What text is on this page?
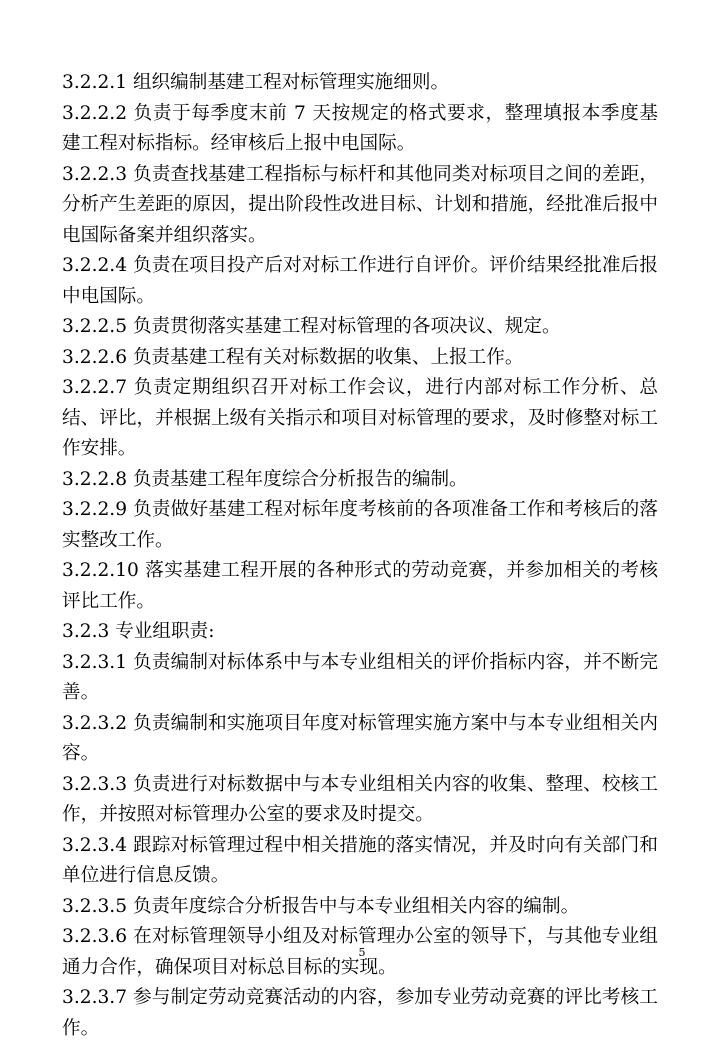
3.2.2.1 组织编制基建工程对标管理实施细则。

3.2.2.2 负责于每季度末前 7 天按规定的格式要求，整理填报本季度基建工程对标指标。经审核后上报中电国际。

3.2.2.3 负责查找基建工程指标与标杆和其他同类对标项目之间的差距，分析产生差距的原因，提出阶段性改进目标、计划和措施，经批准后报中电国际备案并组织落实。

3.2.2.4 负责在项目投产后对对标工作进行自评价。评价结果经批准后报中电国际。

3.2.2.5 负责贯彻落实基建工程对标管理的各项决议、规定。

3.2.2.6 负责基建工程有关对标数据的收集、上报工作。

3.2.2.7 负责定期组织召开对标工作会议，进行内部对标工作分析、总结、评比，并根据上级有关指示和项目对标管理的要求，及时修整对标工作安排。

3.2.2.8 负责基建工程年度综合分析报告的编制。

3.2.2.9 负责做好基建工程对标年度考核前的各项准备工作和考核后的落实整改工作。

3.2.2.10 落实基建工程开展的各种形式的劳动竞赛，并参加相关的考核评比工作。

3.2.3 专业组职责:

3.2.3.1 负责编制对标体系中与本专业组相关的评价指标内容，并不断完善。

3.2.3.2 负责编制和实施项目年度对标管理实施方案中与本专业组相关内容。

3.2.3.3 负责进行对标数据中与本专业组相关内容的收集、整理、校核工作，并按照对标管理办公室的要求及时提交。

3.2.3.4 跟踪对标管理过程中相关措施的落实情况，并及时向有关部门和单位进行信息反馈。

3.2.3.5 负责年度综合分析报告中与本专业组相关内容的编制。

3.2.3.6 在对标管理领导小组及对标管理办公室的领导下，与其他专业组通力合作，确保项目对标总目标的实现。

3.2.3.7 参与制定劳动竞赛活动的内容，参加专业劳动竞赛的评比考核工作。

5
